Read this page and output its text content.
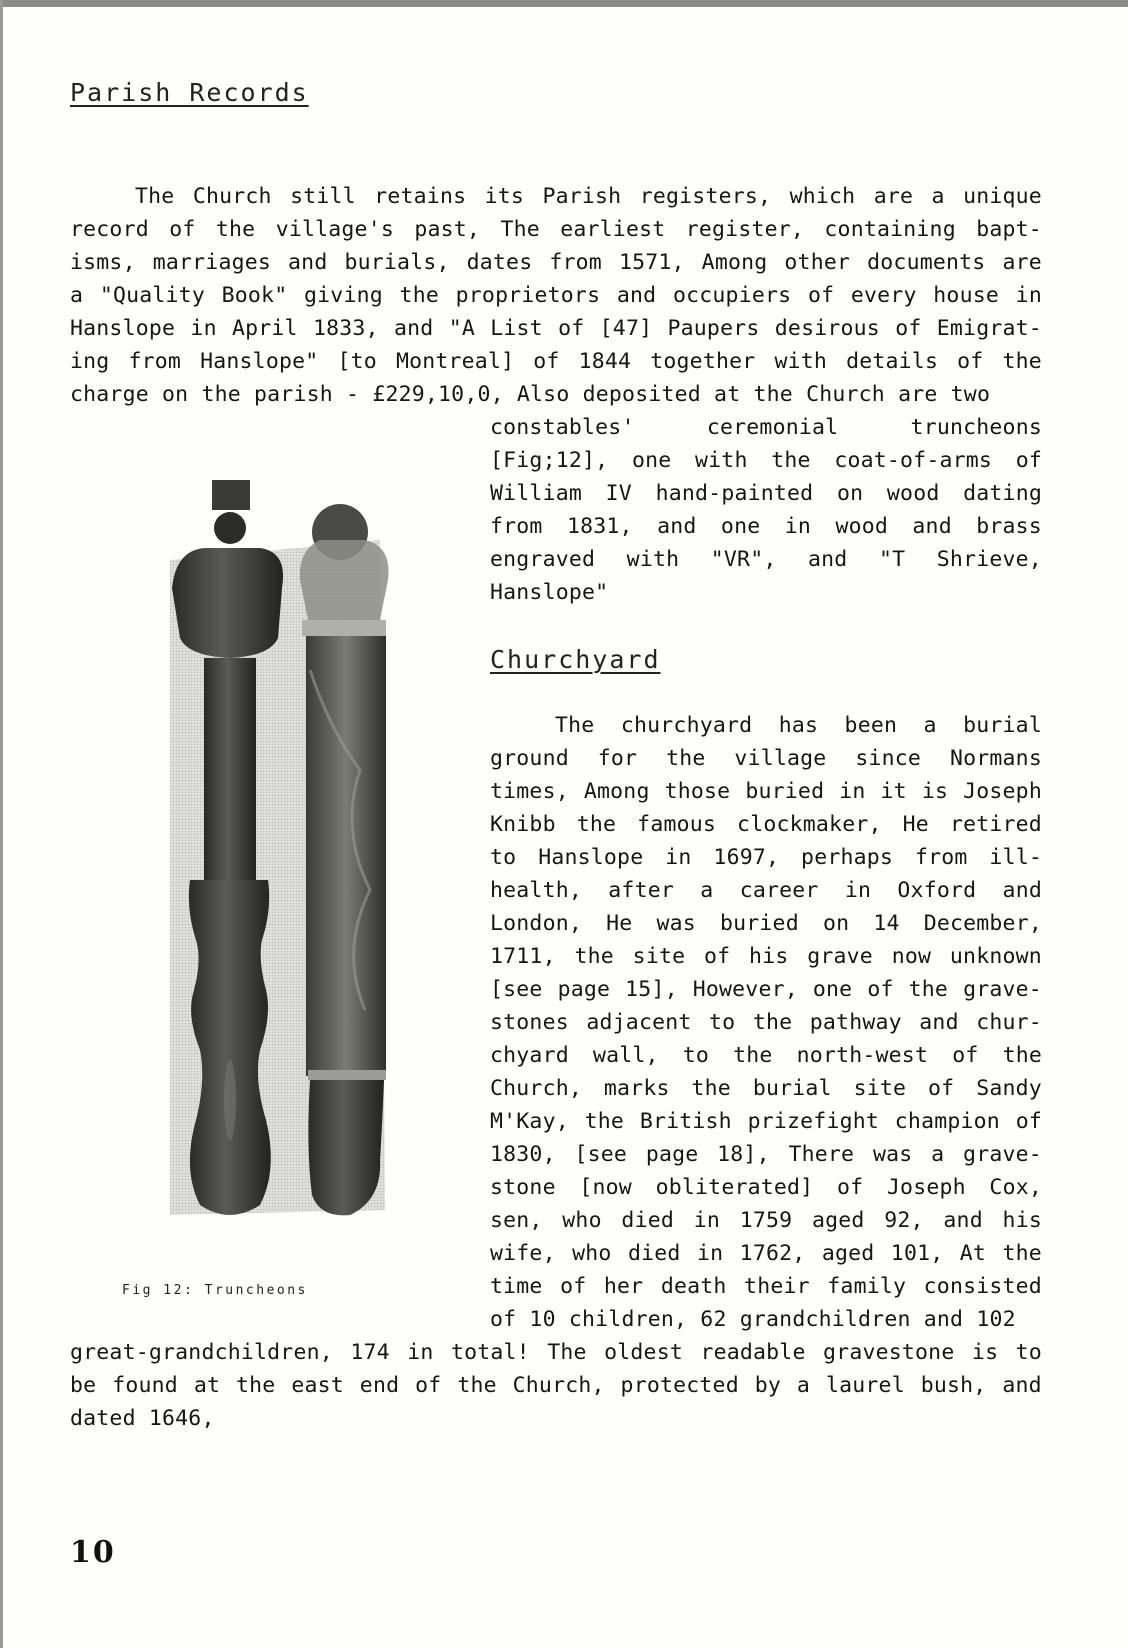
Parish Records
The Church still retains its Parish registers, which are a unique
record of the village's past, The earliest register, containing bapt-
isms, marriages and burials, dates from 1571, Among other documents are
a "Quality Book" giving the proprietors and occupiers of every house in
Hanslope in April 1833, and "A List of [47] Paupers desirous of Emigrat-
ing from Hanslope" [to Montreal] of 1844 together with details of the
charge on the parish - £229,10,0, Also deposited at the Church are two
constables'	ceremonial	truncheons
[Fig;12], one with the coat-of-arms of
William IV hand-painted on wood dating
from 1831, and one in wood and brass
engraved with "VR", and "T Shrieve,
Hanslope"
Churchyard
The churchyard has been a burial
ground for the village since Normans
times, Among those buried in it is Joseph
Knibb the famous clockmaker, He retired
to Hanslope in 1697, perhaps from ill-
health, after a career in Oxford and
London, He was buried on 14 December,
1711, the site of his grave now unknown
[see page 15], However, one of the grave-
stones adjacent to the pathway and chur-
chyard wall, to the north-west of the
Church, marks the burial site of Sandy
M'Kay, the British prizefight champion of
1830, [see page 18], There was a grave-
stone [now obliterated] of Joseph Cox,
sen, who died in 1759 aged 92, and his
wife, who died in 1762, aged 101, At the
time of her death their family consisted
of 10 children, 62 grandchildren and 102
great-grandchildren, 174 in total! The oldest readable gravestone is to
be found at the east end of the Church, protected by a laurel bush, and
dated 1646,
Fig 12: Truncheons
10
